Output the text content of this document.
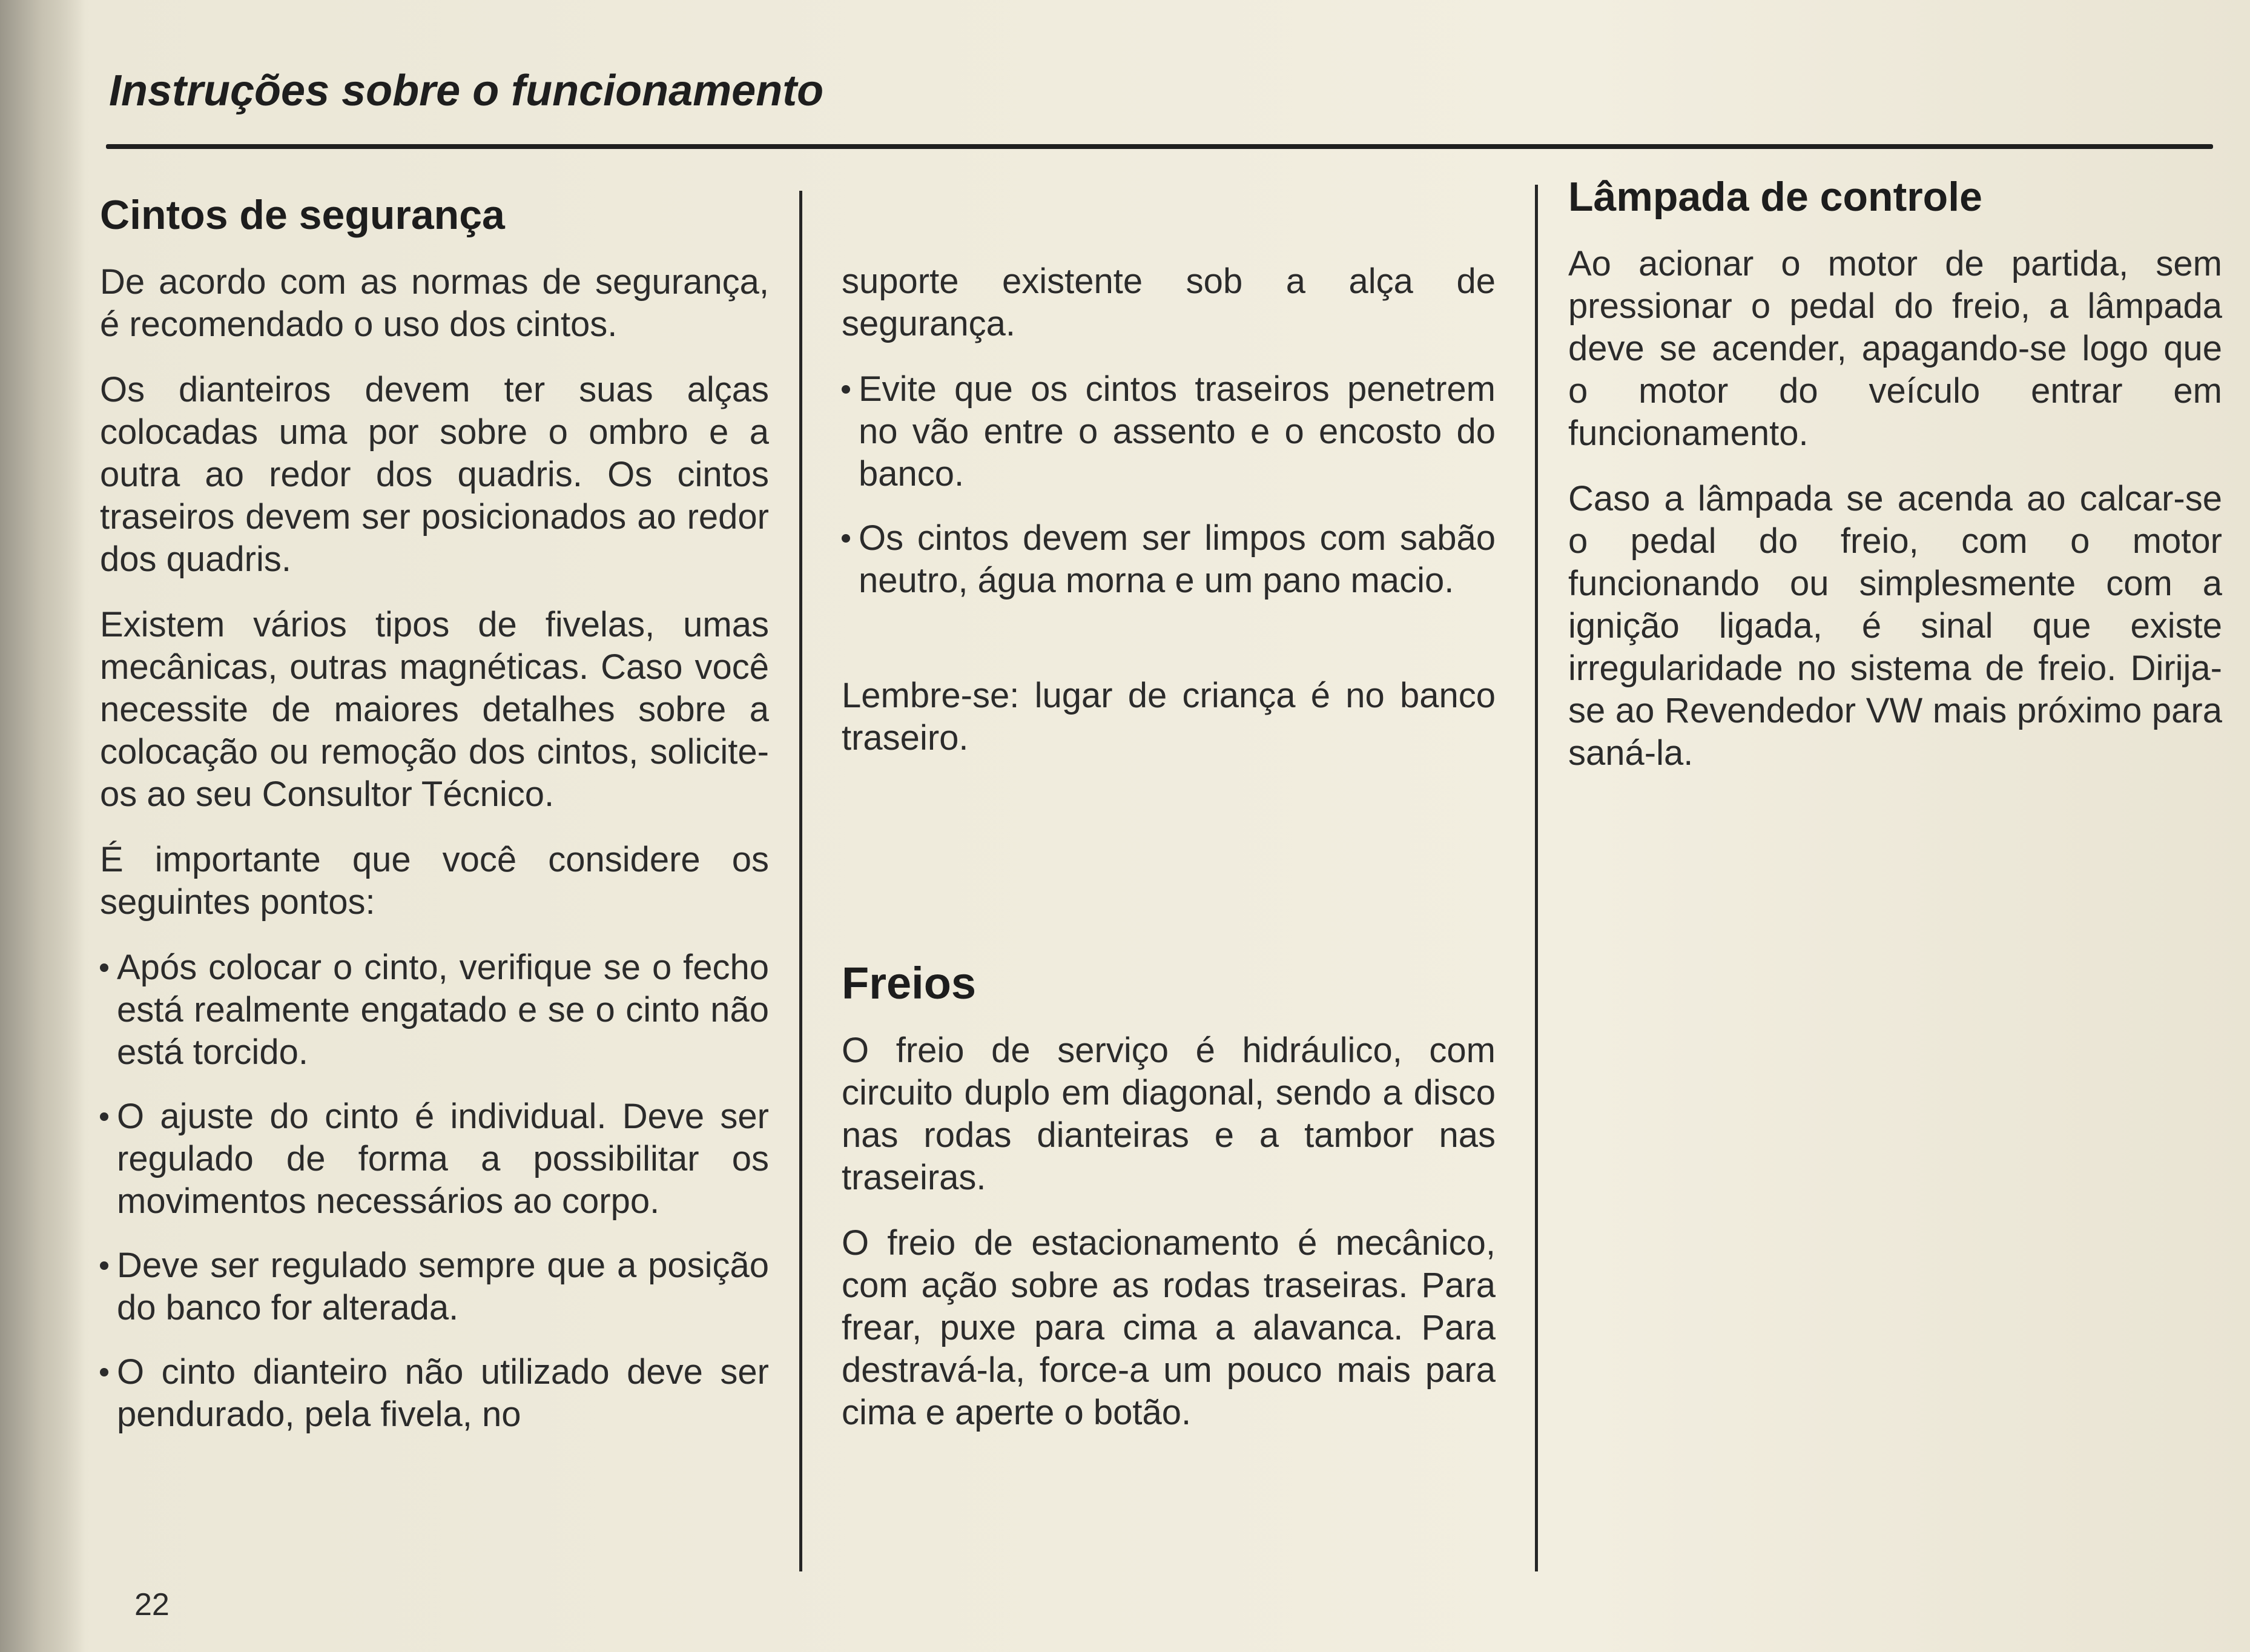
Instruções sobre o funcionamento
Cintos de segurança

De acordo com as normas de segurança, é recomendado o uso dos cintos.

Os dianteiros devem ter suas alças colocadas uma por sobre o ombro e a outra ao redor dos quadris. Os cintos traseiros devem ser posicionados ao redor dos quadris.

Existem vários tipos de fivelas, umas mecânicas, outras magnéticas. Caso você necessite de maiores detalhes sobre a colocação ou remoção dos cintos, solicite-os ao seu Consultor Técnico.

É importante que você considere os seguintes pontos:

Após colocar o cinto, verifique se o fecho está realmente engatado e se o cinto não está torcido.
O ajuste do cinto é individual. Deve ser regulado de forma a possibilitar os movimentos necessários ao corpo.
Deve ser regulado sempre que a posição do banco for alterada.
O cinto dianteiro não utilizado deve ser pendurado, pela fivela, no

suporte existente sob a alça de segurança.

Evite que os cintos traseiros penetrem no vão entre o assento e o encosto do banco.
Os cintos devem ser limpos com sabão neutro, água morna e um pano macio.

Lembre-se: lugar de criança é no banco traseiro.

Freios

O freio de serviço é hidráulico, com circuito duplo em diagonal, sendo a disco nas rodas dianteiras e a tambor nas traseiras.

O freio de estacionamento é mecânico, com ação sobre as rodas traseiras. Para frear, puxe para cima a alavanca. Para destravá-la, force-a um pouco mais para cima e aperte o botão.

Lâmpada de controle

Ao acionar o motor de partida, sem pressionar o pedal do freio, a lâmpada deve se acender, apagando-se logo que o motor do veículo entrar em funcionamento.

Caso a lâmpada se acenda ao calcar-se o pedal do freio, com o motor funcionando ou simplesmente com a ignição ligada, é sinal que existe irregularidade no sistema de freio. Dirija-se ao Revendedor VW mais próximo para saná-la.

22
